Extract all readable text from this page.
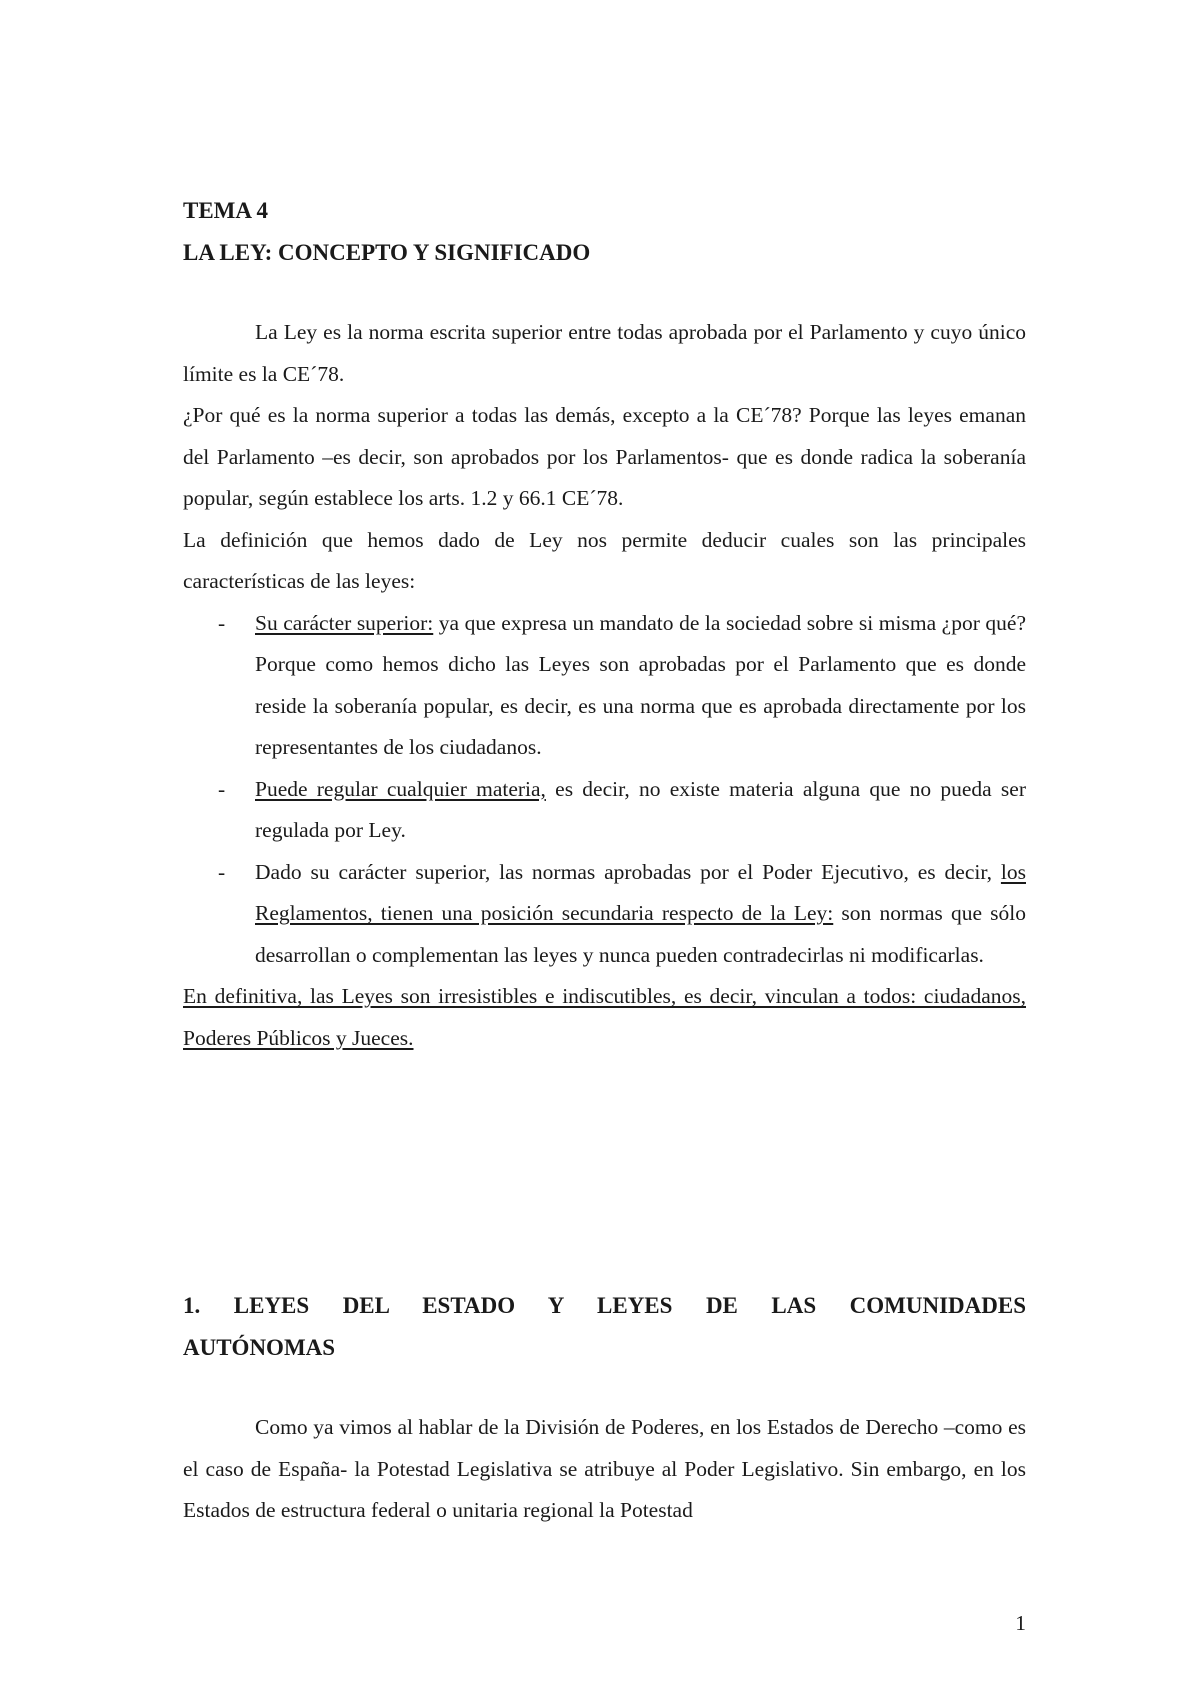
TEMA 4
LA LEY: CONCEPTO Y SIGNIFICADO

La Ley es la norma escrita superior entre todas aprobada por el Parlamento y cuyo único límite es la CE´78.

¿Por qué es la norma superior a todas las demás, excepto a la CE´78? Porque las leyes emanan del Parlamento –es decir, son aprobados por los Parlamentos- que es donde radica la soberanía popular, según establece los arts. 1.2 y 66.1 CE´78.

La definición que hemos dado de Ley nos permite deducir cuales son las principales características de las leyes:

- Su carácter superior: ya que expresa un mandato de la sociedad sobre si misma ¿por qué? Porque como hemos dicho las Leyes son aprobadas por el Parlamento que es donde reside la soberanía popular, es decir, es una norma que es aprobada directamente por los representantes de los ciudadanos.
- Puede regular cualquier materia, es decir, no existe materia alguna que no pueda ser regulada por Ley.
- Dado su carácter superior, las normas aprobadas por el Poder Ejecutivo, es decir, los Reglamentos, tienen una posición secundaria respecto de la Ley: son normas que sólo desarrollan o complementan las leyes y nunca pueden contradecirlas ni modificarlas.

En definitiva, las Leyes son irresistibles e indiscutibles, es decir, vinculan a todos: ciudadanos, Poderes Públicos y Jueces.

1. LEYES DEL ESTADO Y LEYES DE LAS COMUNIDADES AUTÓNOMAS

Como ya vimos al hablar de la División de Poderes, en los Estados de Derecho –como es el caso de España- la Potestad Legislativa se atribuye al Poder Legislativo. Sin embargo, en los Estados de estructura federal o unitaria regional la Potestad

1
